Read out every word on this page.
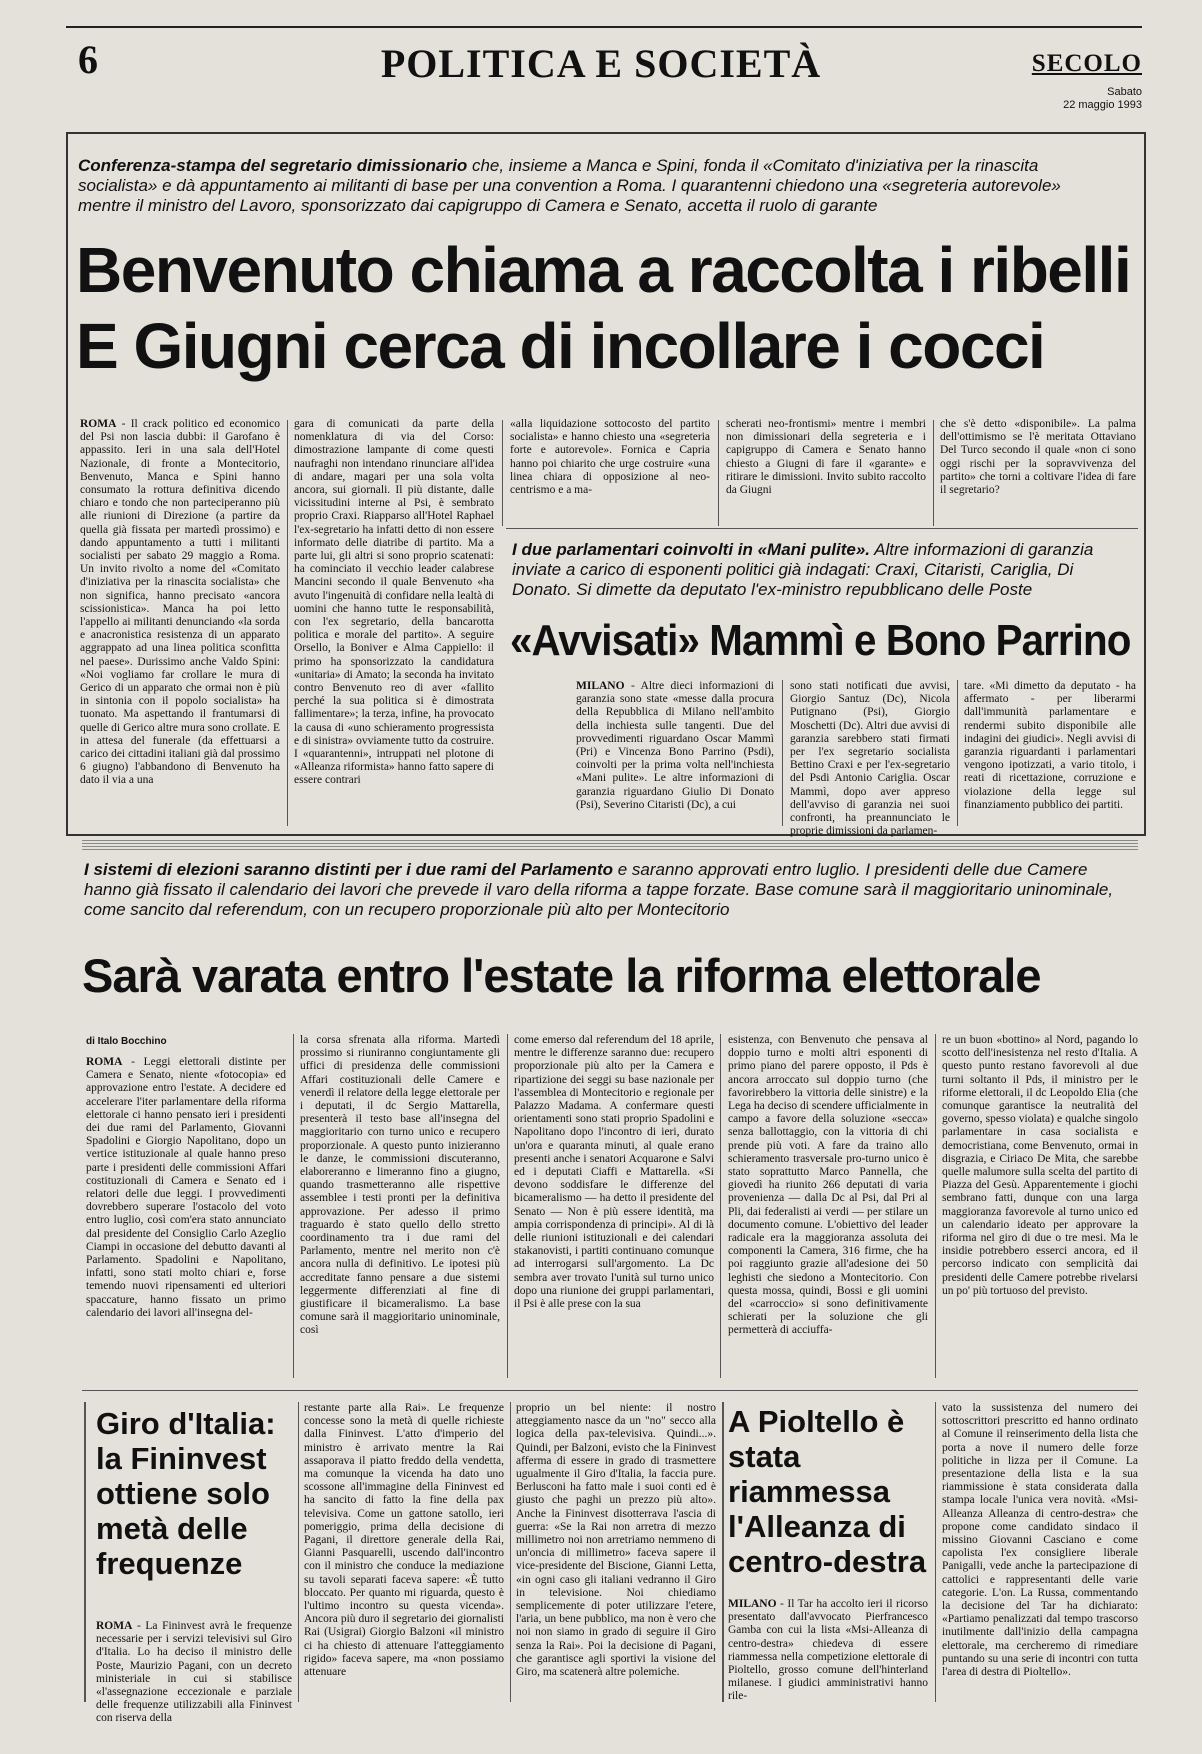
6	POLITICA E SOCIETÀ	SECOLO
Sabato
22 maggio 1993
Conferenza-stampa del segretario dimissionario che, insieme a Manca e Spini, fonda il «Comitato d'iniziativa per la rinascita socialista» e dà appuntamento ai militanti di base per una convention a Roma. I quarantenni chiedono una «segreteria autorevole» mentre il ministro del Lavoro, sponsorizzato dai capigruppo di Camera e Senato, accetta il ruolo di garante
Benvenuto chiama a raccolta i ribelli
E Giugni cerca di incollare i cocci
ROMA - Il crack politico ed economico del Psi non lascia dubbi: il Garofano è appassito. Ieri in una sala dell'Hotel Nazionale, di fronte a Montecitorio, Benvenuto, Manca e Spini hanno consumato la rottura definitiva dicendo chiaro e tondo che non parteciperanno più alle riunioni di Direzione (a partire da quella già fissata per martedì prossimo) e dando appuntamento a tutti i militanti socialisti per sabato 29 maggio a Roma. Un invito rivolto a nome del «Comitato d'iniziativa per la rinascita socialista» che non significa, hanno precisato «ancora scissionistica». Manca ha poi letto l'appello ai militanti denunciando «la sorda e anacronistica resistenza di un apparato aggrappato ad una linea politica sconfitta nel paese». Durissimo anche Valdo Spini: «Noi vogliamo far crollare le mura di Gerico di un apparato che ormai non è più in sintonia con il popolo socialista» ha tuonato. Ma aspettando il frantumarsi di quelle di Gerico altre mura sono crollate. E in attesa del funerale (da effettuarsi a carico dei cittadini italiani già dal prossimo 6 giugno) l'abbandono di Benvenuto ha dato il via a una
gara di comunicati da parte della nomenklatura di via del Corso: dimostrazione lampante di come questi naufraghi non intendano rinunciare all'idea di andare, magari per una sola volta ancora, sui giornali. Il più distante, dalle vicissitudini interne al Psi, è sembrato proprio Craxi. Riapparso all'Hotel Raphael l'ex-segretario ha infatti detto di non essere informato delle diatribe di partito. Ma a parte lui, gli altri si sono proprio scatenati: ha cominciato il vecchio leader calabrese Mancini secondo il quale Benvenuto «ha avuto l'ingenuità di confidare nella lealtà di uomini che hanno tutte le responsabilità, con l'ex segretario, della bancarotta politica e morale del partito». A seguire Orsello, la Boniver e Alma Cappiello: il primo ha sponsorizzato la candidatura «unitaria» di Amato; la seconda ha invitato contro Benvenuto reo di aver «fallito perché la sua politica si è dimostrata fallimentare»; la terza, infine, ha provocato la causa di «uno schieramento progressista e di sinistra» ovviamente tutto da costruire. I «quarantenni», intruppati nel plotone di «Alleanza riformista» hanno fatto sapere di essere contrari
«alla liquidazione sottocosto del partito socialista» e hanno chiesto una «segreteria forte e autorevole». Fornica e Capria hanno poi chiarito che urge costruire «una linea chiara di opposizione al neo-centrismo e a ma-
scherati neo-frontismi» mentre i membri non dimissionari della segreteria e i capigruppo di Camera e Senato hanno chiesto a Giugni di fare il «garante» e ritirare le dimissioni. Invito subito raccolto da Giugni
che s'è detto «disponibile». La palma dell'ottimismo se l'è meritata Ottaviano Del Turco secondo il quale «non ci sono oggi rischi per la sopravvivenza del partito» che torni a coltivare l'idea di fare il segretario?
I due parlamentari coinvolti in «Mani pulite». Altre informazioni di garanzia inviate a carico di esponenti politici già indagati: Craxi, Citaristi, Cariglia, Di Donato. Si dimette da deputato l'ex-ministro repubblicano delle Poste
«Avvisati» Mammì e Bono Parrino
MILANO - Altre dieci informazioni di garanzia sono state «messe dalla procura della Repubblica di Milano nell'ambito della inchiesta sulle tangenti. Due del provvedimenti riguardano Oscar Mammì (Pri) e Vincenza Bono Parrino (Psdi), coinvolti per la prima volta nell'inchiesta «Mani pulite». Le altre informazioni di garanzia riguardano Giulio Di Donato (Psi), Severino Citaristi (Dc), a cui
sono stati notificati due avvisi, Giorgio Santuz (Dc), Nicola Putignano (Psi), Giorgio Moschetti (Dc). Altri due avvisi di garanzia sarebbero stati firmati per l'ex segretario socialista Bettino Craxi e per l'ex-segretario del Psdi Antonio Cariglia. Oscar Mammì, dopo aver appreso dell'avviso di garanzia nei suoi confronti, ha preannunciato le proprie dimissioni da parlamen-
tare. «Mi dimetto da deputato - ha affermato - per liberarmi dall'immunità parlamentare e rendermi subito disponibile alle indagini dei giudici». Negli avvisi di garanzia riguardanti i parlamentari vengono ipotizzati, a vario titolo, i reati di ricettazione, corruzione e violazione della legge sul finanziamento pubblico dei partiti.
I sistemi di elezioni saranno distinti per i due rami del Parlamento e saranno approvati entro luglio. I presidenti delle due Camere hanno già fissato il calendario dei lavori che prevede il varo della riforma a tappe forzate. Base comune sarà il maggioritario uninominale, come sancito dal referendum, con un recupero proporzionale più alto per Montecitorio
Sarà varata entro l'estate la riforma elettorale
di Italo Bocchino
ROMA - Leggi elettorali distinte per Camera e Senato, niente «fotocopia» ed approvazione entro l'estate. A decidere ed accelerare l'iter parlamentare della riforma elettorale ci hanno pensato ieri i presidenti dei due rami del Parlamento, Giovanni Spadolini e Giorgio Napolitano, dopo un vertice istituzionale al quale hanno preso parte i presidenti delle commissioni Affari costituzionali di Camera e Senato ed i relatori delle due leggi. I provvedimenti dovrebbero superare l'ostacolo del voto entro luglio, così com'era stato annunciato dal presidente del Consiglio Carlo Azeglio Ciampi in occasione del debutto davanti al Parlamento. Spadolini e Napolitano, infatti, sono stati molto chiari e, forse temendo nuovi ripensamenti ed ulteriori spaccature, hanno fissato un primo calendario dei lavori all'insegna del-
la corsa sfrenata alla riforma. Martedì prossimo si riuniranno congiuntamente gli uffici di presidenza delle commissioni Affari costituzionali delle Camere e venerdì il relatore della legge elettorale per i deputati, il dc Sergio Mattarella, presenterà il testo base all'insegna del maggioritario con turno unico e recupero proporzionale. A questo punto inizieranno le danze, le commissioni discuteranno, elaboreranno e limeranno fino a giugno, quando trasmetteranno alle rispettive assemblee i testi pronti per la definitiva approvazione. Per adesso il primo traguardo è stato quello dello stretto coordinamento tra i due rami del Parlamento, mentre nel merito non c'è ancora nulla di definitivo. Le ipotesi più accreditate fanno pensare a due sistemi leggermente differenziati al fine di giustificare il bicameralismo. La base comune sarà il maggioritario uninominale, così
come emerso dal referendum del 18 aprile, mentre le differenze saranno due: recupero proporzionale più alto per la Camera e ripartizione dei seggi su base nazionale per l'assemblea di Montecitorio e regionale per Palazzo Madama. A confermare questi orientamenti sono stati proprio Spadolini e Napolitano dopo l'incontro di ieri, durato un'ora e quaranta minuti, al quale erano presenti anche i senatori Acquarone e Salvi ed i deputati Ciaffi e Mattarella. «Si devono soddisfare le differenze del bicameralismo — ha detto il presidente del Senato — Non è più essere identità, ma ampia corrispondenza di principi». Al di là delle riunioni istituzionali e dei calendari stakanovisti, i partiti continuano comunque ad interrogarsi sull'argomento. La Dc sembra aver trovato l'unità sul turno unico dopo una riunione dei gruppi parlamentari, il Psi è alle prese con la sua
esistenza, con Benvenuto che pensava al doppio turno e molti altri esponenti di primo piano del parere opposto, il Pds è ancora arroccato sul doppio turno (che favorirebbero la vittoria delle sinistre) e la Lega ha deciso di scendere ufficialmente in campo a favore della soluzione «secca» senza ballottaggio, con la vittoria di chi prende più voti. A fare da traino allo schieramento trasversale pro-turno unico è stato soprattutto Marco Pannella, che giovedì ha riunito 266 deputati di varia provenienza — dalla Dc al Psi, dal Pri al Pli, dai federalisti ai verdi — per stilare un documento comune. L'obiettivo del leader radicale era la maggioranza assoluta dei componenti la Camera, 316 firme, che ha poi raggiunto grazie all'adesione dei 50 leghisti che siedono a Montecitorio. Con questa mossa, quindi, Bossi e gli uomini del «carroccio» si sono definitivamente schierati per la soluzione che gli permetterà di acciuffa-
re un buon «bottino» al Nord, pagando lo scotto dell'inesistenza nel resto d'Italia. A questo punto restano favorevoli al due turni soltanto il Pds, il ministro per le riforme elettorali, il dc Leopoldo Elia (che comunque garantisce la neutralità del governo, spesso violata) e qualche singolo parlamentare in casa socialista e democristiana, come Benvenuto, ormai in disgrazia, e Ciriaco De Mita, che sarebbe quelle malumore sulla scelta del partito di Piazza del Gesù. Apparentemente i giochi sembrano fatti, dunque con una larga maggioranza favorevole al turno unico ed un calendario ideato per approvare la riforma nel giro di due o tre mesi. Ma le insidie potrebbero esserci ancora, ed il percorso indicato con semplicità dai presidenti delle Camere potrebbe rivelarsi un po' più tortuoso del previsto.
Giro d'Italia: la Fininvest ottiene solo metà delle frequenze
ROMA - La Fininvest avrà le frequenze necessarie per i servizi televisivi sul Giro d'Italia. Lo ha deciso il ministro delle Poste, Maurizio Pagani, con un decreto ministeriale in cui si stabilisce «l'assegnazione eccezionale e parziale delle frequenze utilizzabili alla Fininvest con riserva della
restante parte alla Rai». Le frequenze concesse sono la metà di quelle richieste dalla Fininvest. L'atto d'imperio del ministro è arrivato mentre la Rai assaporava il piatto freddo della vendetta, ma comunque la vicenda ha dato uno scossone all'immagine della Fininvest ed ha sancito di fatto la fine della pax televisiva. Come un gattone satollo, ieri pomeriggio, prima della decisione di Pagani, il direttore generale della Rai, Gianni Pasquarelli, uscendo dall'incontro con il ministro che conduce la mediazione su tavoli separati faceva sapere: «È tutto bloccato. Per quanto mi riguarda, questo è l'ultimo incontro su questa vicenda». Ancora più duro il segretario dei giornalisti Rai (Usigrai) Giorgio Balzoni «il ministro ci ha chiesto di attenuare l'atteggiamento rigido» faceva sapere, ma «non possiamo attenuare
proprio un bel niente: il nostro atteggiamento nasce da un "no" secco alla logica della pax-televisiva. Quindi...». Quindi, per Balzoni, evisto che la Fininvest afferma di essere in grado di trasmettere ugualmente il Giro d'Italia, la faccia pure. Berlusconi ha fatto male i suoi conti ed è giusto che paghi un prezzo più alto». Anche la Fininvest disotterrava l'ascia di guerra: «Se la Rai non arretra di mezzo millimetro noi non arretriamo nemmeno di un'oncia di millimetro» faceva sapere il vice-presidente del Biscione, Gianni Letta, «in ogni caso gli italiani vedranno il Giro in televisione. Noi chiediamo semplicemente di poter utilizzare l'etere, l'aria, un bene pubblico, ma non è vero che noi non siamo in grado di seguire il Giro senza la Rai». Poi la decisione di Pagani, che garantisce agli sportivi la visione del Giro, ma scatenerà altre polemiche.
A Pioltello è stata riammessa l'Alleanza di centro-destra
MILANO - Il Tar ha accolto ieri il ricorso presentato dall'avvocato Pierfrancesco Gamba con cui la lista «Msi-Alleanza di centro-destra» chiedeva di essere riammessa nella competizione elettorale di Pioltello, grosso comune dell'hinterland milanese. I giudici amministrativi hanno rile-
vato la sussistenza del numero dei sottoscrittori prescritto ed hanno ordinato al Comune il reinserimento della lista che porta a nove il numero delle forze politiche in lizza per il Comune. La presentazione della lista e la sua riammissione è stata considerata dalla stampa locale l'unica vera novità. «Msi-Alleanza Alleanza di centro-destra» che propone come candidato sindaco il missino Giovanni Casciano e come capolista l'ex consigliere liberale Panigalli, vede anche la partecipazione di cattolici e rappresentanti delle varie categorie. L'on. La Russa, commentando la decisione del Tar ha dichiarato: «Partiamo penalizzati dal tempo trascorso inutilmente dall'inizio della campagna elettorale, ma cercheremo di rimediare puntando su una serie di incontri con tutta l'area di destra di Pioltello».
